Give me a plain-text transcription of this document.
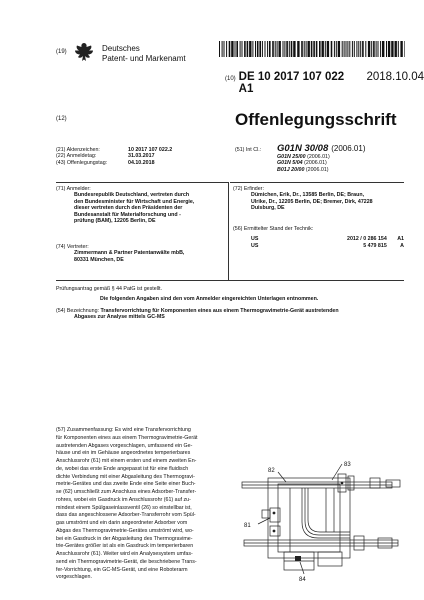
(19)	Deutsches
Patent- und Markenamt
(10) DE 10 2017 107 022 A1
2018.10.04
(12)	Offenlegungsschrift
(21) Aktenzeichen:	10 2017 107 022.2
(22) Anmeldetag:	31.03.2017
(43) Offenlegungstag:	04.10.2018
(51) Int Cl.: G01N 30/08 (2006.01)
G01N 25/00 (2006.01)
G01N 5/04 (2006.01)
B01J 20/00 (2006.01)
(71) Anmelder:
Bundesrepublik Deutschland, vertreten durch
den Bundesminister für Wirtschaft und Energie,
dieser vertreten durch den Präsidenten der
Bundesanstalt für Materialforschung und -
prüfung (BAM), 12205 Berlin, DE
(74) Vertreter:
Zimmermann & Partner Patentanwälte mbB,
80331 München, DE
(72) Erfinder:
Dümichen, Erik, Dr., 13585 Berlin, DE; Braun,
Ulrike, Dr., 12205 Berlin, DE; Bremer, Dirk, 47228
Duisburg, DE
(56) Ermittelter Stand der Technik:
US	2012 / 0 286 154	A1
US	5 479 815	A
Prüfungsantrag gemäß § 44 PatG ist gestellt.
Die folgenden Angaben sind den vom Anmelder eingereichten Unterlagen entnommen.
(54) Bezeichnung: Transfervorrichtung für Komponenten eines aus einem Thermogravimetrie-Gerät austretenden
Abgases zur Analyse mittels GC-MS
(57) Zusammenfassung: Es wird eine Transfervorrichtung
für Komponenten eines aus einem Thermogravimetrie-Gerät
austretenden Abgases vorgeschlagen, umfassend ein Ge-
häuse und ein im Gehäuse angeordnetes temperierbares
Anschlussrohr (61) mit einem ersten und einem zweiten En-
de, wobei das erste Ende angepasst ist für eine fluidisch
dichte Verbindung mit einer Abgasleitung des Thermogravi-
metrie-Gerätes und das zweite Ende eine Seite einer Buch-
se (62) umschließt zum Anschluss eines Adsorber-Transfer-
rohres, wobei ein Gasdruck im Anschlussrohr (61) auf zu-
mindest einem Spülgaseinlassventil (26) so einstellbar ist,
dass das angeschlossene Adsorber-Transferrohr vom Spül-
gas umströmt und ein darin angeordneter Adsorber vom
Abgas des Thermogravimetrie-Gerätes umströmt wird, wo-
bei ein Gasdruck in der Abgasleitung des Thermogravime-
trie-Gerätes größer ist als ein Gasdruck im temperierbaren
Anschlussrohr (61). Weiter wird ein Analysesystem umfas-
send ein Thermogravimetrie-Gerät, die beschriebene Trans-
fer-Vorrichtung, ein GC-MS-Gerät, und eine Roboterarm
vorgeschlagen.
82
83
81
84
